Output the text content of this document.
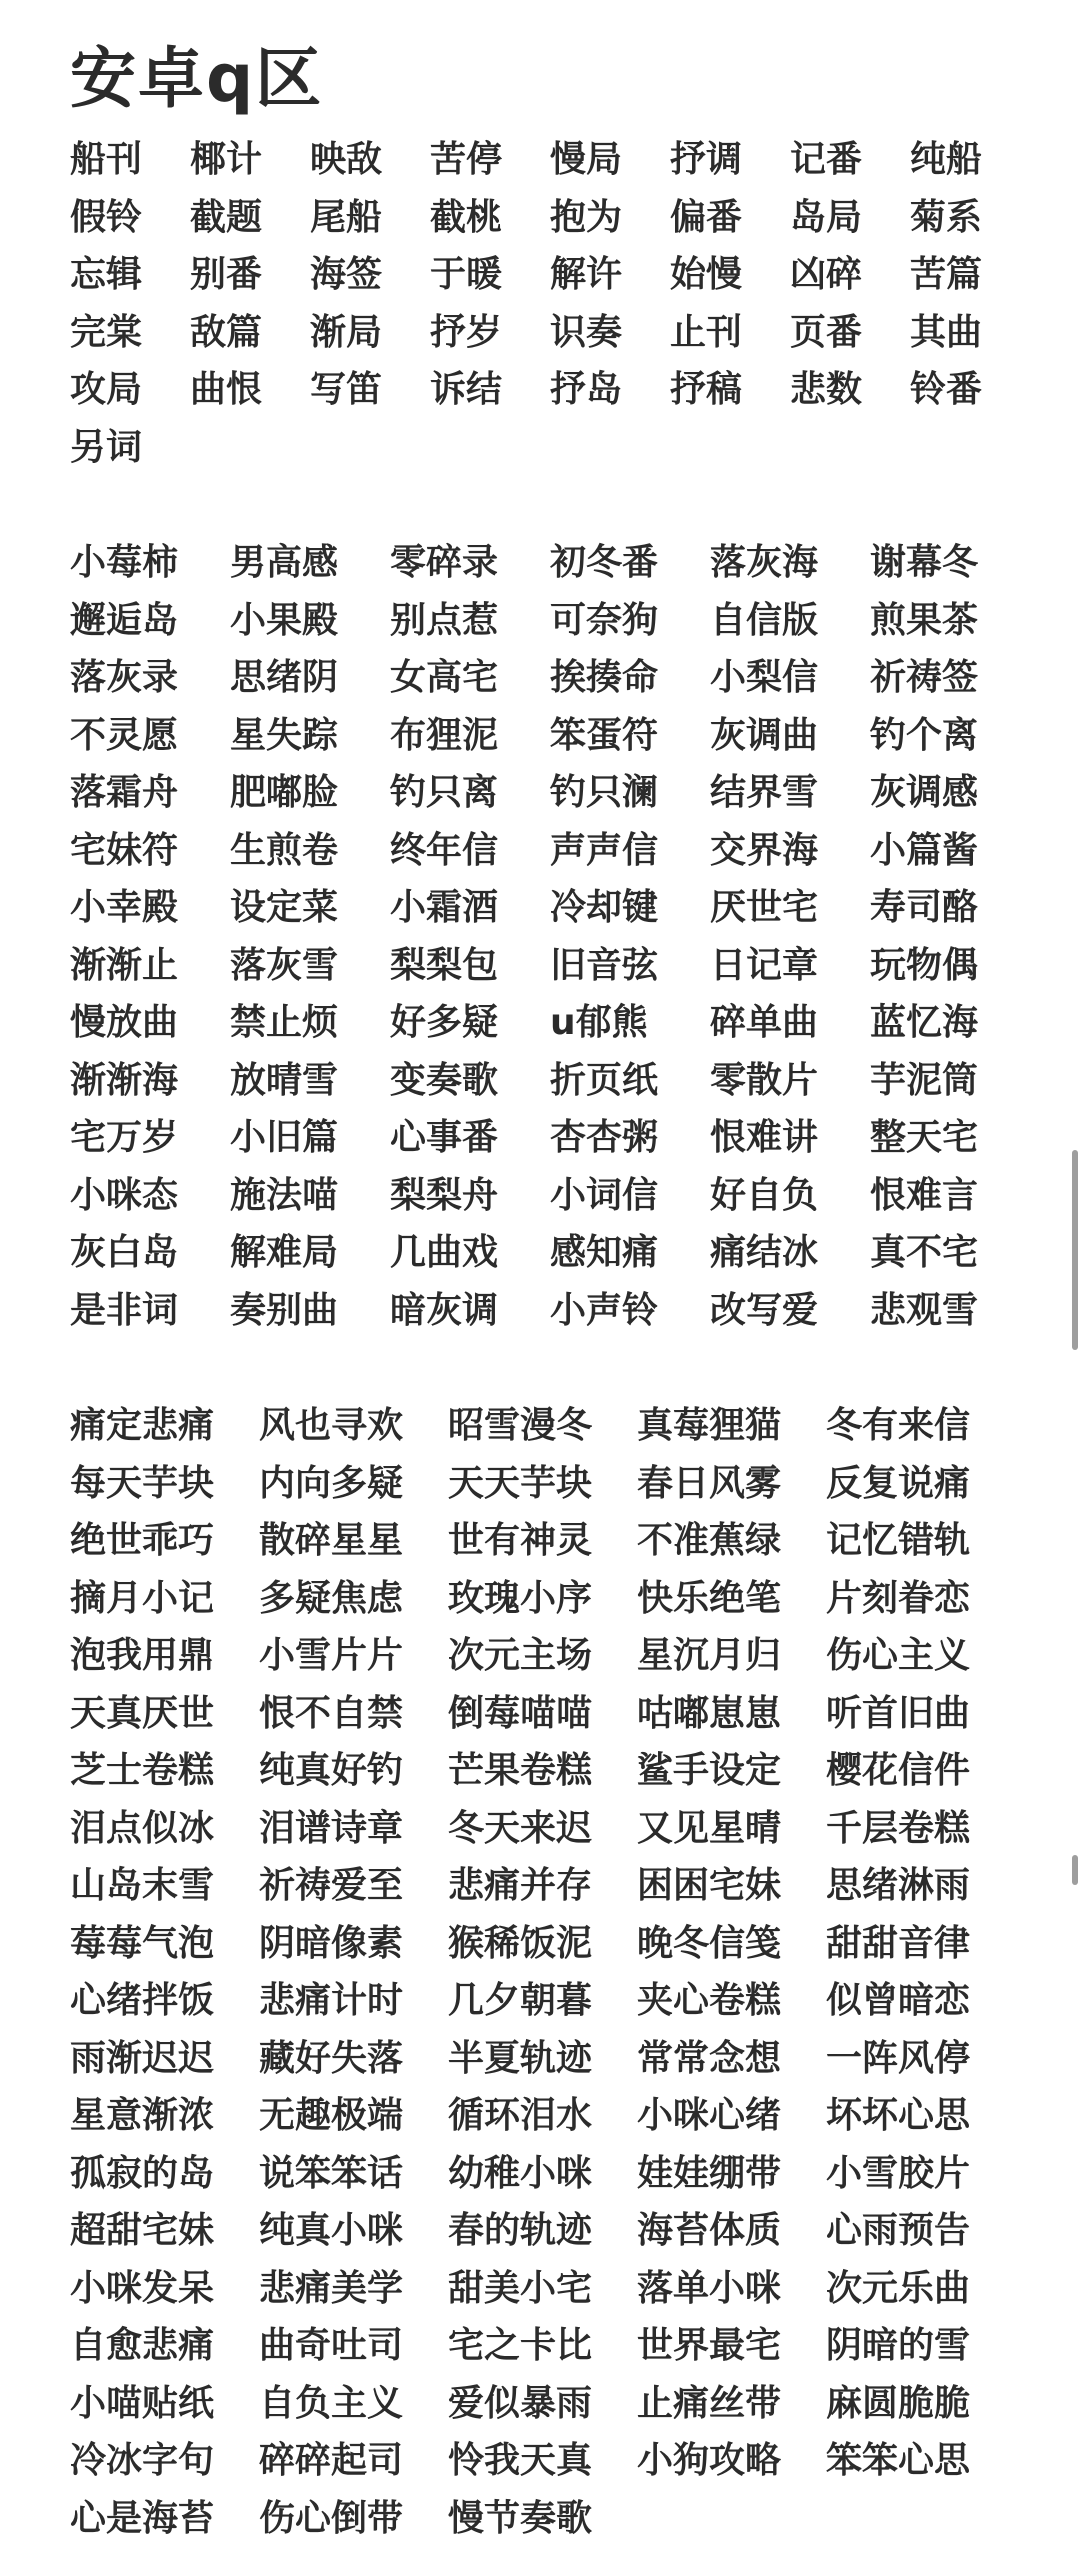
安卓q区
船刊	椰计	映敌	苦停	慢局	抒调	记番	纯船
假铃	截题	尾船	截桃	抱为	偏番	岛局	菊系
忘辑	别番	海签	于暖	解许	始慢	凶碎	苦篇
完棠	敌篇	渐局	抒岁	识奏	止刊	页番	其曲
攻局	曲恨	写笛	诉结	抒岛	抒稿	悲数	铃番
另词
小莓柿	男高感	零碎录	初冬番	落灰海	谢幕冬
邂逅岛	小果殿	别点惹	可奈狗	自信版	煎果茶
落灰录	思绪阴	女高宅	挨揍命	小梨信	祈祷签
不灵愿	星失踪	布狸泥	笨蛋符	灰调曲	钓个离
落霜舟	肥嘟脸	钓只离	钓只澜	结界雪	灰调感
宅妹符	生煎卷	终年信	声声信	交界海	小篇酱
小幸殿	设定菜	小霜酒	冷却键	厌世宅	寿司酪
渐渐止	落灰雪	梨梨包	旧音弦	日记章	玩物偶
慢放曲	禁止烦	好多疑	u郁熊	碎单曲	蓝忆海
渐渐海	放晴雪	变奏歌	折页纸	零散片	芋泥筒
宅万岁	小旧篇	心事番	杏杏粥	恨难讲	整天宅
小咪态	施法喵	梨梨舟	小词信	好自负	恨难言
灰白岛	解难局	几曲戏	感知痛	痛结冰	真不宅
是非词	奏别曲	暗灰调	小声铃	改写爱	悲观雪
痛定悲痛	风也寻欢	昭雪漫冬	真莓狸猫	冬有来信
每天芋块	内向多疑	天天芋块	春日风雾	反复说痛
绝世乖巧	散碎星星	世有神灵	不准蕉绿	记忆错轨
摘月小记	多疑焦虑	玫瑰小序	快乐绝笔	片刻眷恋
泡我用鼎	小雪片片	次元主场	星沉月归	伤心主义
天真厌世	恨不自禁	倒莓喵喵	咕嘟崽崽	听首旧曲
芝士卷糕	纯真好钓	芒果卷糕	鲨手设定	樱花信件
泪点似冰	泪谱诗章	冬天来迟	又见星晴	千层卷糕
山岛末雪	祈祷爱至	悲痛并存	困困宅妹	思绪淋雨
莓莓气泡	阴暗像素	猴稀饭泥	晚冬信笺	甜甜音律
心绪拌饭	悲痛计时	几夕朝暮	夹心卷糕	似曾暗恋
雨渐迟迟	藏好失落	半夏轨迹	常常念想	一阵风停
星意渐浓	无趣极端	循环泪水	小咪心绪	坏坏心思
孤寂的岛	说笨笨话	幼稚小咪	娃娃绷带	小雪胶片
超甜宅妹	纯真小咪	春的轨迹	海苔体质	心雨预告
小咪发呆	悲痛美学	甜美小宅	落单小咪	次元乐曲
自愈悲痛	曲奇吐司	宅之卡比	世界最宅	阴暗的雪
小喵贴纸	自负主义	爱似暴雨	止痛丝带	麻圆脆脆
冷冰字句	碎碎起司	怜我天真	小狗攻略	笨笨心思
心是海苔	伤心倒带	慢节奏歌
